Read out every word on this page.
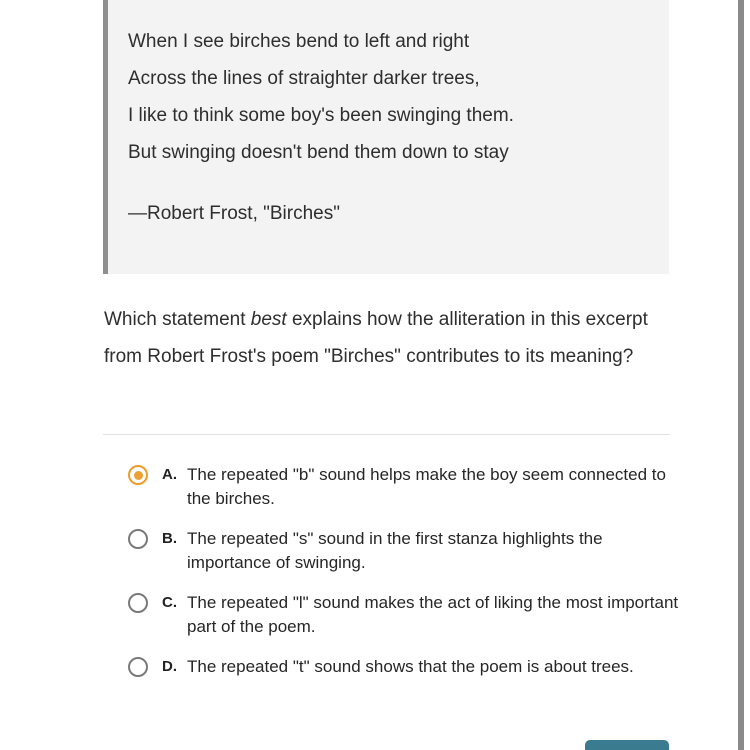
When I see birches bend to left and right
Across the lines of straighter darker trees,
I like to think some boy's been swinging them.
But swinging doesn't bend them down to stay
—Robert Frost, "Birches"
Which statement best explains how the alliteration in this excerpt from Robert Frost's poem "Birches" contributes to its meaning?
A. The repeated "b" sound helps make the boy seem connected to the birches.
B. The repeated "s" sound in the first stanza highlights the importance of swinging.
C. The repeated "l" sound makes the act of liking the most important part of the poem.
D. The repeated "t" sound shows that the poem is about trees.
